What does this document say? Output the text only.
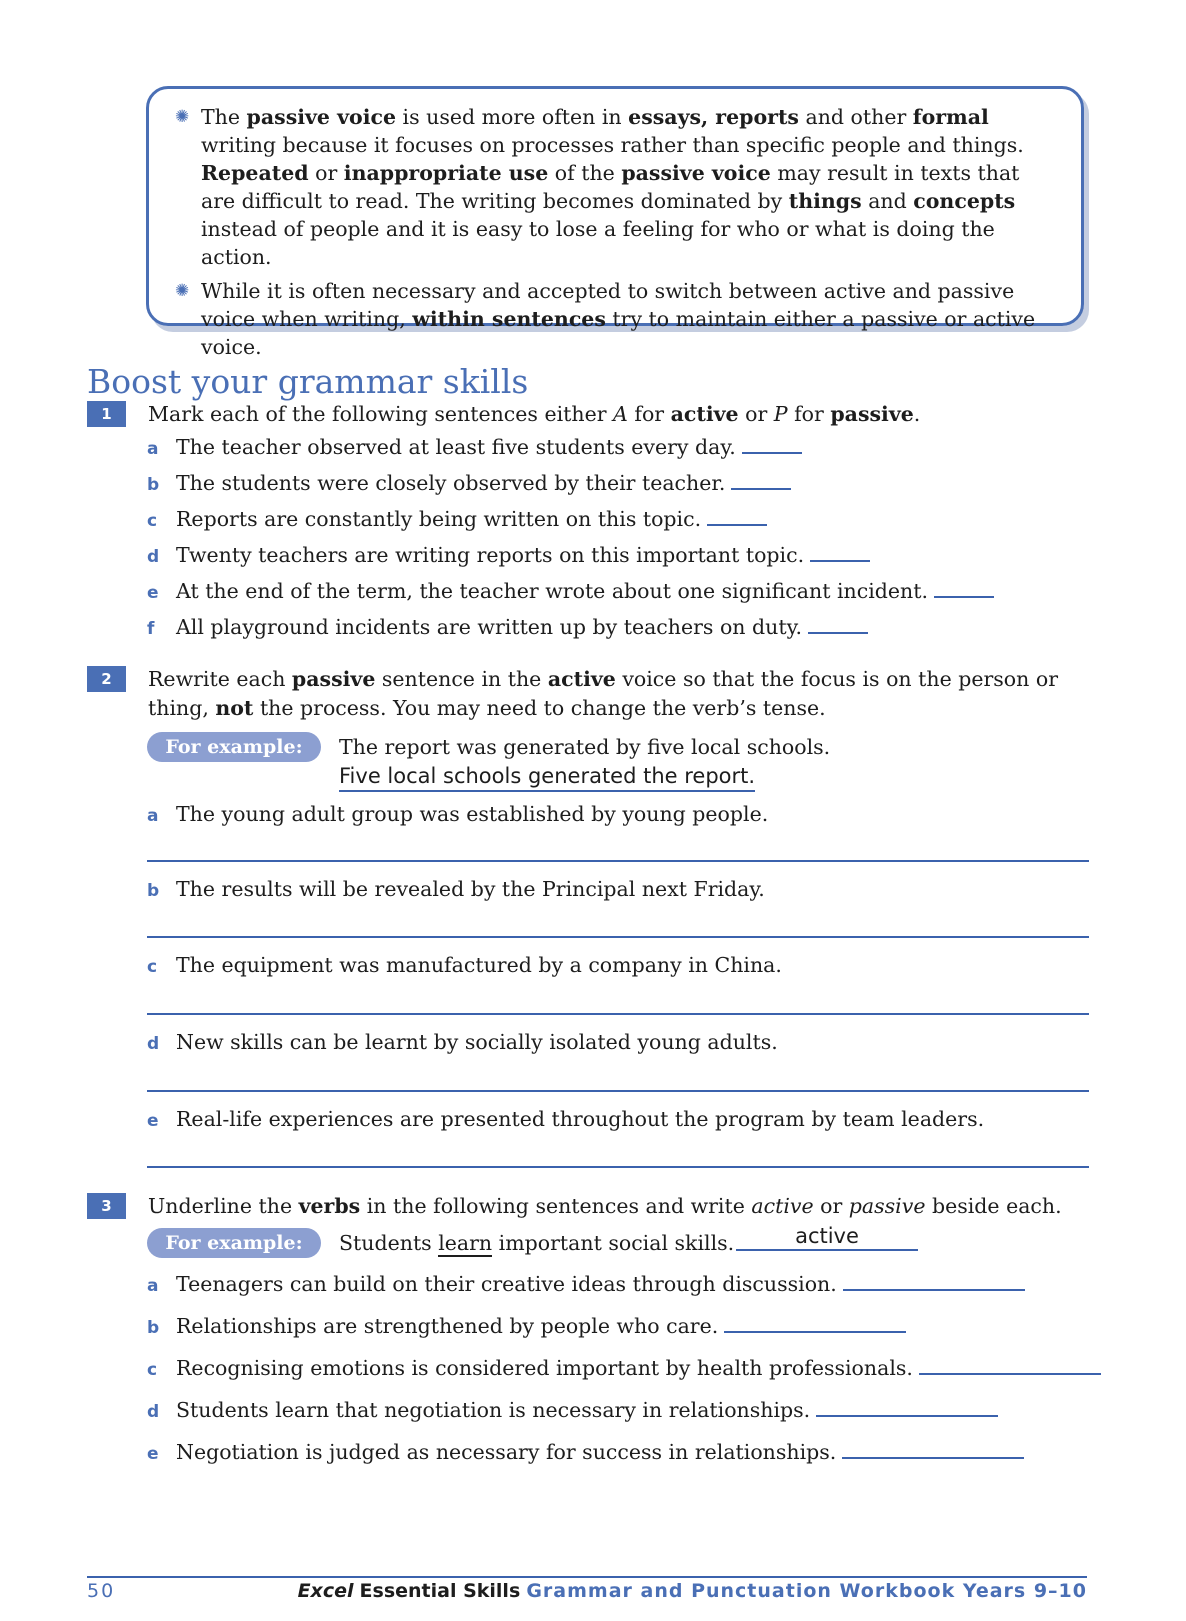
✺ The passive voice is used more often in essays, reports and other formal writing because it focuses on processes rather than specific people and things. Repeated or inappropriate use of the passive voice may result in texts that are difficult to read. The writing becomes dominated by things and concepts instead of people and it is easy to lose a feeling for who or what is doing the action.
✺ While it is often necessary and accepted to switch between active and passive voice when writing, within sentences try to maintain either a passive or active voice.
Boost your grammar skills
1	Mark each of the following sentences either A for active or P for passive.
a The teacher observed at least five students every day.
b The students were closely observed by their teacher.
c Reports are constantly being written on this topic.
d Twenty teachers are writing reports on this important topic.
e At the end of the term, the teacher wrote about one significant incident.
f All playground incidents are written up by teachers on duty.
2	Rewrite each passive sentence in the active voice so that the focus is on the person or thing, not the process. You may need to change the verb’s tense.
For example:	The report was generated by five local schools.
Five local schools generated the report.
a The young adult group was established by young people.
b The results will be revealed by the Principal next Friday.
c The equipment was manufactured by a company in China.
d New skills can be learnt by socially isolated young adults.
e Real-life experiences are presented throughout the program by team leaders.
3	Underline the verbs in the following sentences and write active or passive beside each.
For example:	Students learn important social skills.	active
a Teenagers can build on their creative ideas through discussion.
b Relationships are strengthened by people who care.
c Recognising emotions is considered important by health professionals.
d Students learn that negotiation is necessary in relationships.
e Negotiation is judged as necessary for success in relationships.
50	Excel Essential Skills Grammar and Punctuation Workbook Years 9–10
